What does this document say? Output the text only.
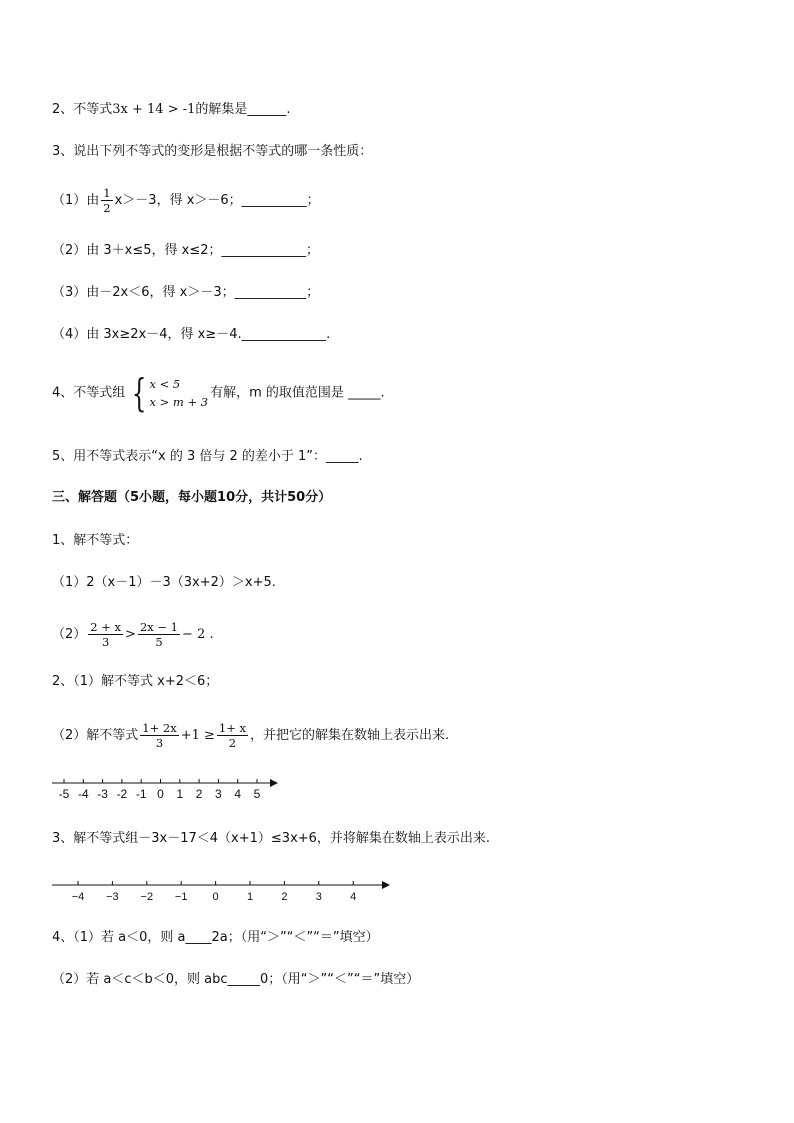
2、不等式3x + 14 > -1的解集是______.
3、说出下列不等式的变形是根据不等式的哪一条性质：
（1）由 $\frac{1}{2} x>-3$，得 x＞－6；__________；
（2）由 3＋x≤5，得 x≤2；_____________；
（3）由－2x＜6，得 x＞－3；___________；
（4）由 3x≥2x－4，得 x≥－4._____________.
4、不等式组 { x < 5
x > m + 3
有解，m 的取值范围是 _____.
5、用不等式表示“x 的 3 倍与 2 的差小于 1”：_____.
三、解答题（5小题，每小题10分，共计50分）
1、解不等式：
（1）2（x－1）－3（3x+2）＞x+5.
$(2) \frac{2 + x}{3} > \frac{2x - 1}{5} - 2$ .
2、（1）解不等式 x+2＜6；
（2）解不等式 $\frac{1+ 2x}{3} +1 \ge \frac{1+ x}{2}$ ，并把它的解集在数轴上表示出来.
-5 -4 -3 -2 -1 0 1 2 3 4 5
3、解不等式组－3x－17＜4（x+1）≤3x+6，并将解集在数轴上表示出来.
−4 −3 −2 −1 0	1	2	3	4
4、（1）若 a＜0，则 a____2a；（用“＞”“＜”“＝”填空）
（2）若 a＜c＜b＜0，则 abc_____0；（用“＞”“＜”“＝”填空）
